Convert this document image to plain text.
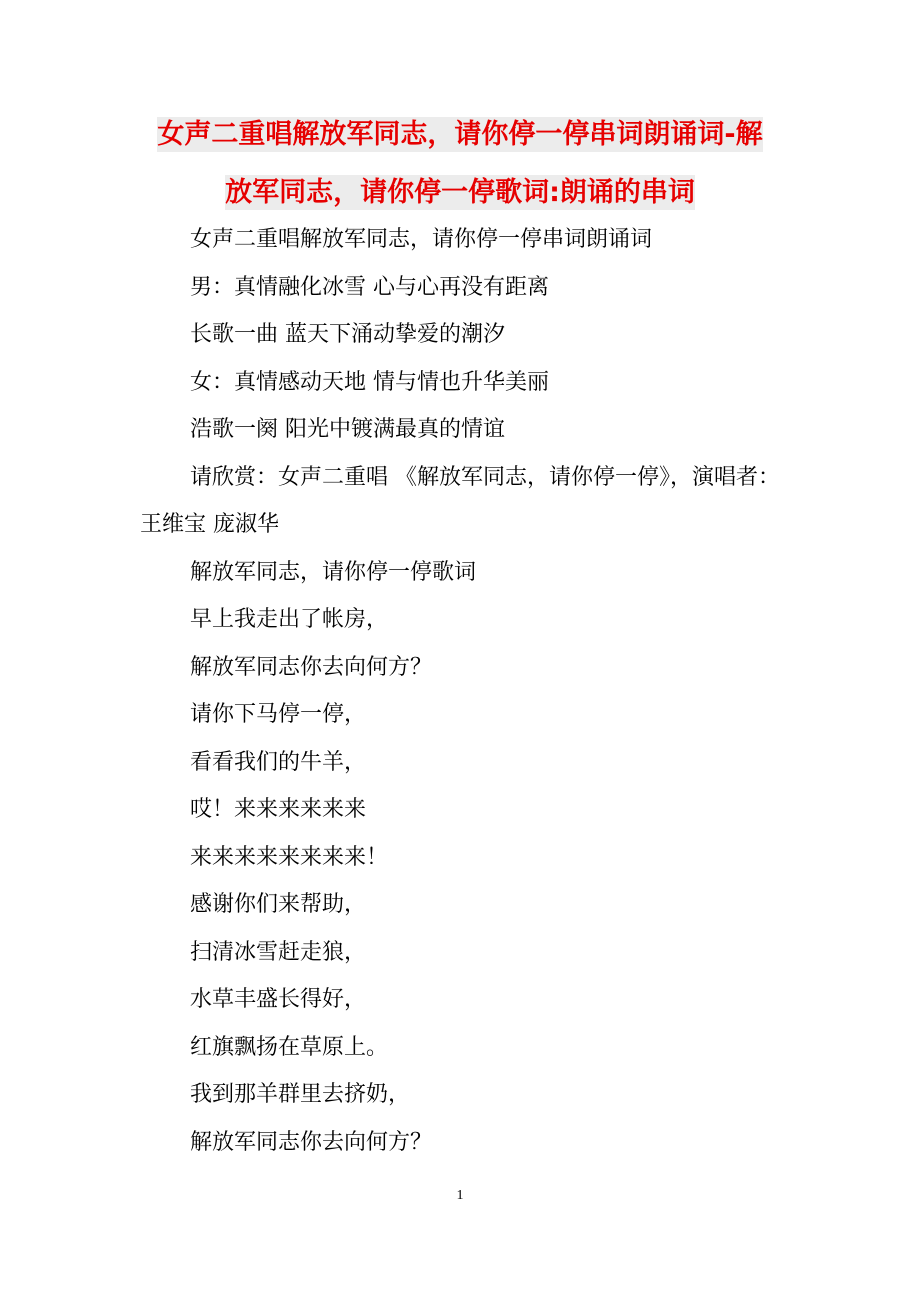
女声二重唱解放军同志，请你停一停串词朗诵词-解
放军同志，请你停一停歌词:朗诵的串词

女声二重唱解放军同志，请你停一停串词朗诵词

男：真情融化冰雪 心与心再没有距离

长歌一曲 蓝天下涌动挚爱的潮汐

女：真情感动天地 情与情也升华美丽

浩歌一阕 阳光中镀满最真的情谊

请欣赏：女声二重唱 《解放军同志，请你停一停》，演唱者：王维宝 庞淑华

解放军同志，请你停一停歌词

早上我走出了帐房，

解放军同志你去向何方？

请你下马停一停，

看看我们的牛羊，

哎！来来来来来来

来来来来来来来来！

感谢你们来帮助，

扫清冰雪赶走狼，

水草丰盛长得好，

红旗飘扬在草原上。

我到那羊群里去挤奶，

解放军同志你去向何方？

1
